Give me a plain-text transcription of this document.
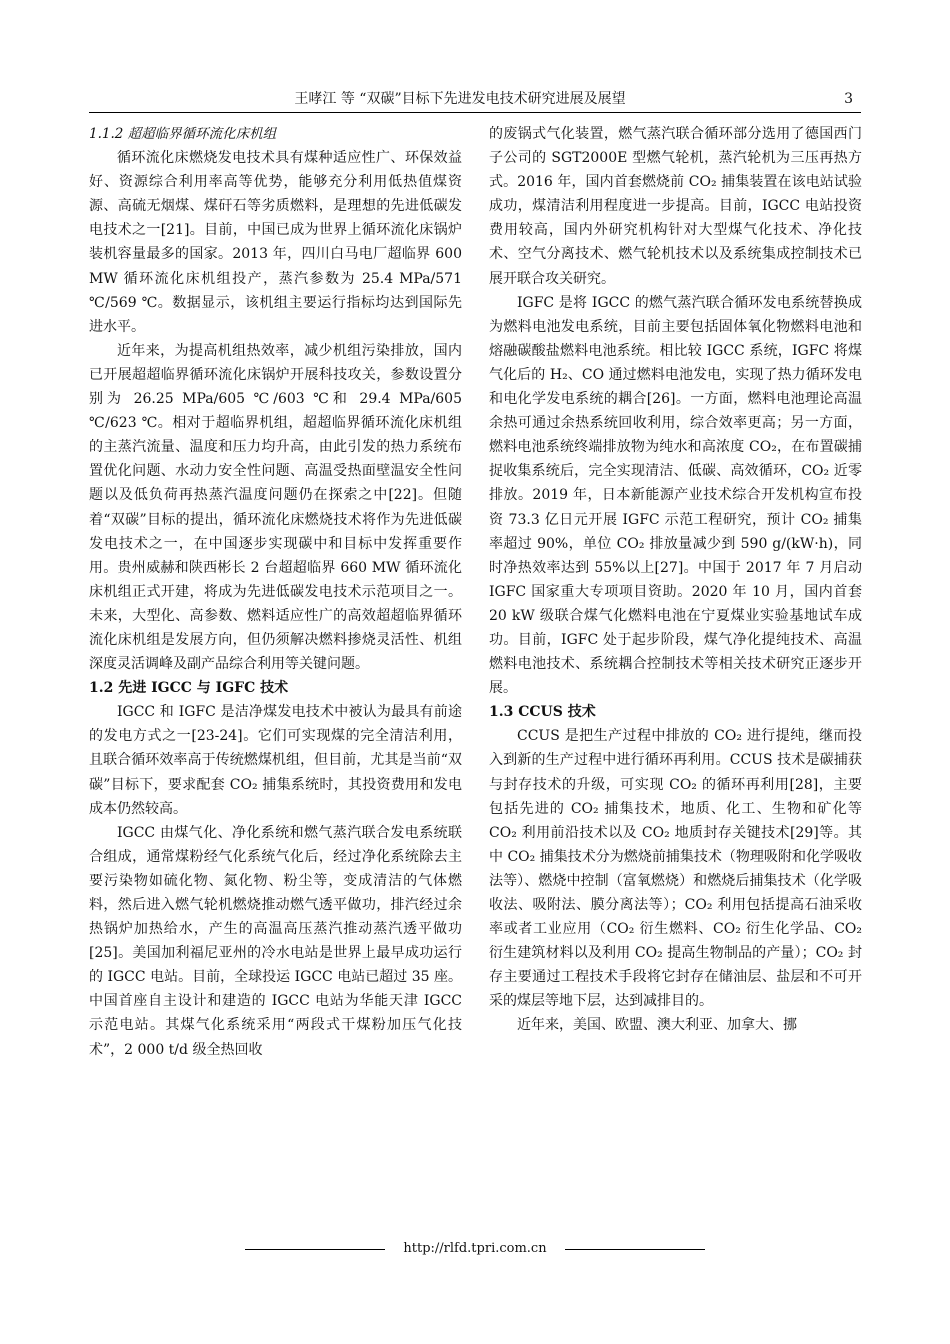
王哮江 等 “双碳”目标下先进发电技术研究进展及展望	3
1.1.2 超超临界循环流化床机组

循环流化床燃烧发电技术具有煤种适应性广、环保效益好、资源综合利用率高等优势，能够充分利用低热值煤资源、高硫无烟煤、煤矸石等劣质燃料，是理想的先进低碳发电技术之一[21]。目前，中国已成为世界上循环流化床锅炉装机容量最多的国家。2013 年，四川白马电厂超临界 600 MW 循环流化床机组投产，蒸汽参数为 25.4 MPa/571 ℃/569 ℃。数据显示，该机组主要运行指标均达到国际先进水平。

近年来，为提高机组热效率，减少机组污染排放，国内已开展超超临界循环流化床锅炉开展科技攻关，参数设置分别为 26.25 MPa/605 ℃/603 ℃和 29.4 MPa/605 ℃/623 ℃。相对于超临界机组，超超临界循环流化床机组的主蒸汽流量、温度和压力均升高，由此引发的热力系统布置优化问题、水动力安全性问题、高温受热面壁温安全性问题以及低负荷再热蒸汽温度问题仍在探索之中[22]。但随着“双碳”目标的提出，循环流化床燃烧技术将作为先进低碳发电技术之一，在中国逐步实现碳中和目标中发挥重要作用。贵州威赫和陕西彬长 2 台超超临界 660 MW 循环流化床机组正式开建，将成为先进低碳发电技术示范项目之一。未来，大型化、高参数、燃料适应性广的高效超超临界循环流化床机组是发展方向，但仍须解决燃料掺烧灵活性、机组深度灵活调峰及副产品综合利用等关键问题。

1.2 先进 IGCC 与 IGFC 技术

IGCC 和 IGFC 是洁净煤发电技术中被认为最具有前途的发电方式之一[23-24]。它们可实现煤的完全清洁利用，且联合循环效率高于传统燃煤机组，但目前，尤其是当前“双碳”目标下，要求配套 CO₂ 捕集系统时，其投资费用和发电成本仍然较高。

IGCC 由煤气化、净化系统和燃气蒸汽联合发电系统联合组成，通常煤粉经气化系统气化后，经过净化系统除去主要污染物如硫化物、氮化物、粉尘等，变成清洁的气体燃料，然后进入燃气轮机燃烧推动燃气透平做功，排汽经过余热锅炉加热给水，产生的高温高压蒸汽推动蒸汽透平做功[25]。美国加利福尼亚州的冷水电站是世界上最早成功运行的 IGCC 电站。目前，全球投运 IGCC 电站已超过 35 座。中国首座自主设计和建造的 IGCC 电站为华能天津 IGCC 示范电站。其煤气化系统采用“两段式干煤粉加压气化技术”，2 000 t/d 级全热回收

的废锅式气化装置，燃气蒸汽联合循环部分选用了德国西门子公司的 SGT2000E 型燃气轮机，蒸汽轮机为三压再热方式。2016 年，国内首套燃烧前 CO₂ 捕集装置在该电站试验成功，煤清洁利用程度进一步提高。目前，IGCC 电站投资费用较高，国内外研究机构针对大型煤气化技术、净化技术、空气分离技术、燃气轮机技术以及系统集成控制技术已展开联合攻关研究。

IGFC 是将 IGCC 的燃气蒸汽联合循环发电系统替换成为燃料电池发电系统，目前主要包括固体氧化物燃料电池和熔融碳酸盐燃料电池系统。相比较 IGCC 系统，IGFC 将煤气化后的 H₂、CO 通过燃料电池发电，实现了热力循环发电和电化学发电系统的耦合[26]。一方面，燃料电池理论高温余热可通过余热系统回收利用，综合效率更高；另一方面，燃料电池系统终端排放物为纯水和高浓度 CO₂，在布置碳捕捉收集系统后，完全实现清洁、低碳、高效循环，CO₂ 近零排放。2019 年，日本新能源产业技术综合开发机构宣布投资 73.3 亿日元开展 IGFC 示范工程研究，预计 CO₂ 捕集率超过 90%，单位 CO₂ 排放量减少到 590 g/(kW·h)，同时净热效率达到 55%以上[27]。中国于 2017 年 7 月启动 IGFC 国家重大专项项目资助。2020 年 10 月，国内首套 20 kW 级联合煤气化燃料电池在宁夏煤业实验基地试车成功。目前，IGFC 处于起步阶段，煤气净化提纯技术、高温燃料电池技术、系统耦合控制技术等相关技术研究正逐步开展。

1.3 CCUS 技术

CCUS 是把生产过程中排放的 CO₂ 进行提纯，继而投入到新的生产过程中进行循环再利用。CCUS 技术是碳捕获与封存技术的升级，可实现 CO₂ 的循环再利用[28]，主要包括先进的 CO₂ 捕集技术，地质、化工、生物和矿化等 CO₂ 利用前沿技术以及 CO₂ 地质封存关键技术[29]等。其中 CO₂ 捕集技术分为燃烧前捕集技术（物理吸附和化学吸收法等）、燃烧中控制（富氧燃烧）和燃烧后捕集技术（化学吸收法、吸附法、膜分离法等）；CO₂ 利用包括提高石油采收率或者工业应用（CO₂ 衍生燃料、CO₂ 衍生化学品、CO₂ 衍生建筑材料以及利用 CO₂ 提高生物制品的产量）；CO₂ 封存主要通过工程技术手段将它封存在储油层、盐层和不可开采的煤层等地下层，达到减排目的。

近年来，美国、欧盟、澳大利亚、加拿大、挪

http://rlfd.tpri.com.cn
